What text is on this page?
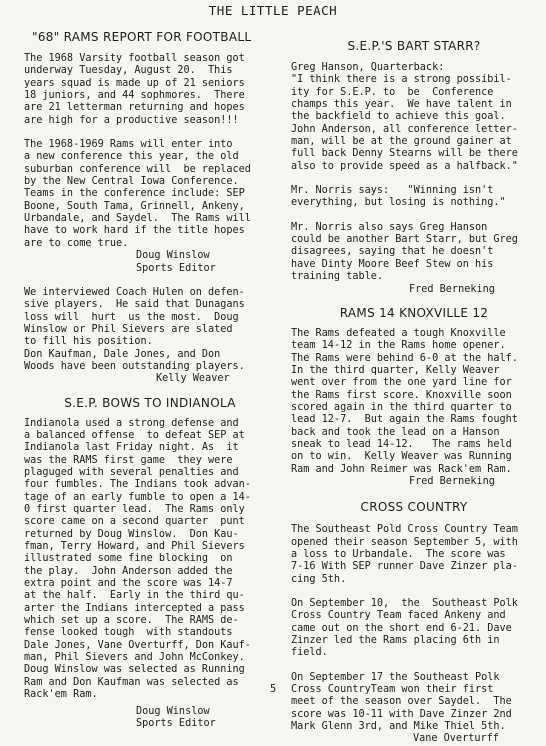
THE LITTLE PEACH
"68" RAMS REPORT FOR FOOTBALL

The 1968 Varsity football season got
underway Tuesday, August 20.  This
years squad is made up of 21 seniors
18 juniors, and 44 sophmores.  There
are 21 letterman returning and hopes
are high for a productive season!!!

The 1968-1969 Rams will enter into
a new conference this year, the old
suburban conference will  be replaced
by the New Central Iowa Conference.
Teams in the conference include: SEP
Boone, South Tama, Grinnell, Ankeny,
Urbandale, and Saydel.  The Rams will
have to work hard if the title hopes
are to come true.

Doug Winslow
Sports Editor

We interviewed Coach Hulen on defen-
sive players.  He said that Dunagans
loss will  hurt  us the most.  Doug
Winslow or Phil Sievers are slated
to fill his position.
Don Kaufman, Dale Jones, and Don
Woods have been outstanding players.

Kelly Weaver

S.E.P. BOWS TO INDIANOLA

Indianola used a strong defense and
a balanced offense  to defeat SEP at
Indianola last Friday night. As  it
was the RAMS first game  they were
plaguged with several penalties and
four fumbles. The Indians took advan-
tage of an early fumble to open a 14-
0 first quarter lead.  The Rams only
score came on a second quarter  punt
returned by Doug Winslow.  Don Kau-
fman, Terry Howard, and Phil Sievers
illustrated some fine blocking  on
the play.  John Anderson added the
extra point and the score was 14-7
at the half.  Early in the third qu-
arter the Indians intercepted a pass
which set up a score.  The RAMS de-
fense looked tough  with standouts
Dale Jones, Vane Overturff, Don Kauf-
man, Phil Sievers and John McConkey.
Doug Winslow was selected as Running
Ram and Don Kaufman was selected as
Rack'em Ram.

Doug Winslow
Sports Editor

S.E.P.'S BART STARR?

Greg Hanson, Quarterback:
"I think there is a strong possibil-
ity for S.E.P. to  be  Conference
champs this year.  We have talent in
the backfield to achieve this goal.
John Anderson, all conference letter-
man, will be at the ground gainer at
full back Denny Stearns will be there
also to provide speed as a halfback."

Mr. Norris says:   "Winning isn't
everything, but losing is nothing."

Mr. Norris also says Greg Hanson
could be another Bart Starr, but Greg
disagrees, saying that he doesn't
have Dinty Moore Beef Stew on his
training table.

Fred Berneking

RAMS 14 KNOXVILLE 12

The Rams defeated a tough Knoxville
team 14-12 in the Rams home opener.
The Rams were behind 6-0 at the half.
In the third quarter, Kelly Weaver
went over from the one yard line for
the Rams first score. Knoxville soon
scored again in the third quarter to
lead 12-7.  But again the Rams fought
back and took the lead on a Hanson
sneak to lead 14-12.   The rams held
on to win.  Kelly Weaver was Running
Ram and John Reimer was Rack'em Ram.

Fred Berneking

CROSS COUNTRY

The Southeast Pold Cross Country Team
opened their season September 5, with
a loss to Urbandale.  The score was
7-16 With SEP runner Dave Zinzer pla-
cing 5th.

On September 10,  the  Southeast Polk
Cross Country Team faced Ankeny and
came out on the short end 6-21. Dave
Zinzer led the Rams placing 6th in
field.

On September 17 the Southeast Polk
Cross CountryTeam won their first
meet of the season over Saydel.  The
score was 10-11 with Dave Zinzer 2nd
Mark Glenn 3rd, and Mike Thiel 5th.

Vane Overturff

5
